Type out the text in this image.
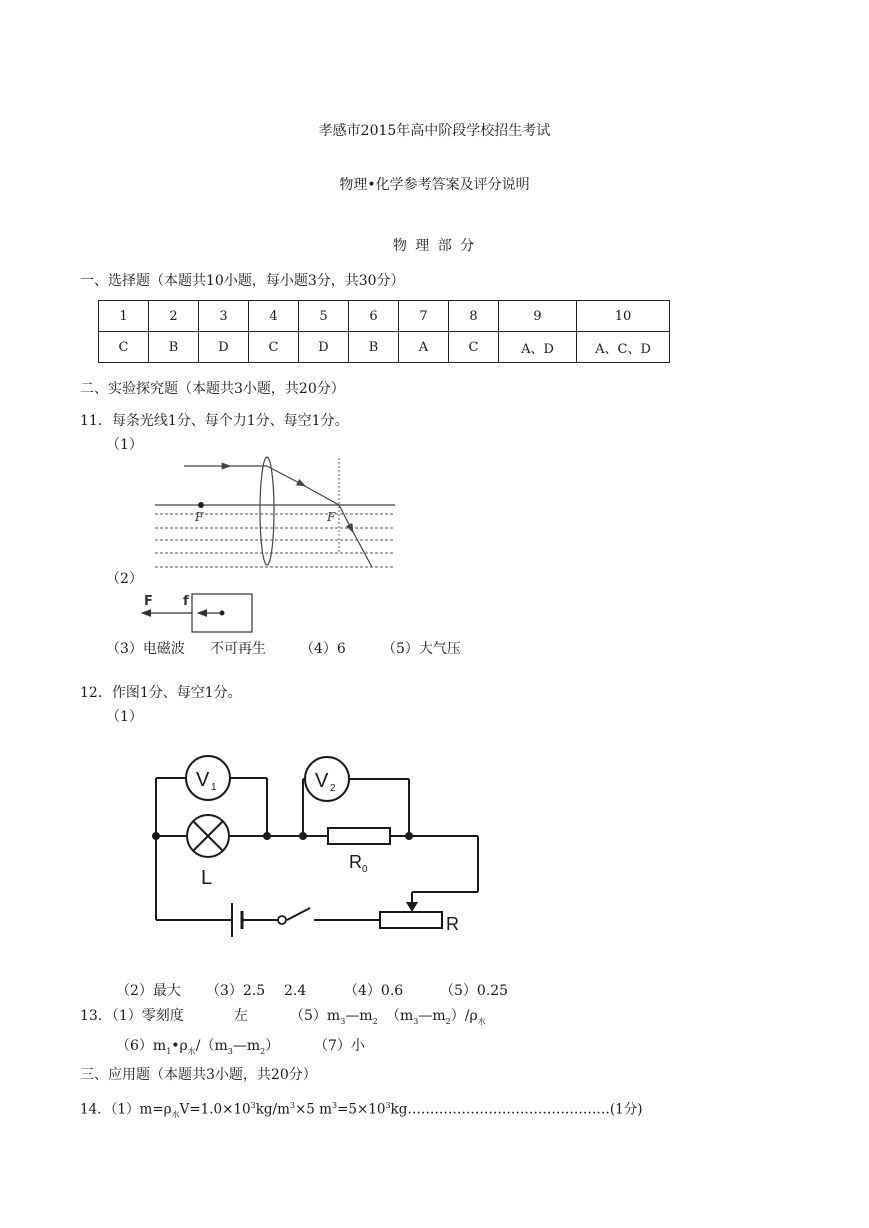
孝感市2015年高中阶段学校招生考试
物理•化学参考答案及评分说明
物 理 部 分
一、选择题（本题共10小题，每小题3分，共30分）
1	2	3	4	5	6	7	8	9	10
C	B	D	C	D	B	A	C	A、D	A、C、D
二、实验探究题（本题共3小题，共20分）
11．每条光线1分、每个力1分、每空1分。
（1）
F	F
（2）
F f
（3）电磁波 不可再生 （4）6	（5）大气压
12．作图1分、每空1分。
（1）
V 1	V 2
L
R 0
R
（2）最大 （3）2.5 2.4	（4）0.6	（5）0.25
13．（1）零刻度	左	$(5)m_3—m_2$ $(m_3—m_2)/\rho_水$
$(6)m_1•\rho_水/(m_3—m_2)$ （7）小
三、应用题（本题共3小题，共20分）
14．$(1)m=\rho_水V=1.0\times 10^3kg/m^3\times 5$ $m^3=5\times 10^3kg\dots\dots\dots\dots\dots\dots\dots\dots\dots\dots\dots\dots\dots\dots\dots(1$分)
